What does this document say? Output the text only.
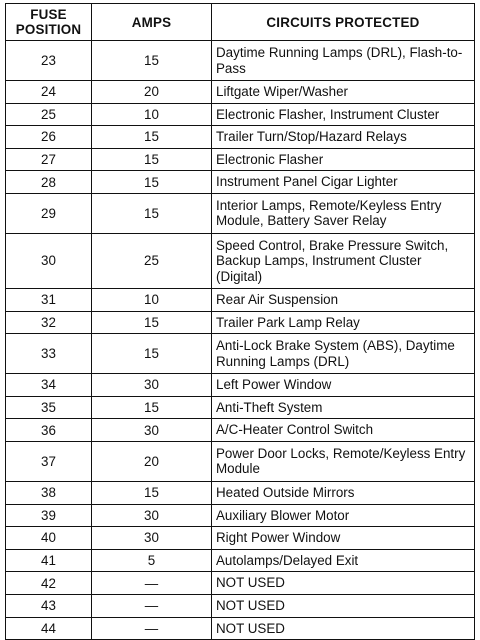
FUSE
POSITION	AMPS	CIRCUITS PROTECTED
23	15	Daytime Running Lamps (DRL), Flash-to-Pass
24	20	Liftgate Wiper/Washer
25	10	Electronic Flasher, Instrument Cluster
26	15	Trailer Turn/Stop/Hazard Relays
27	15	Electronic Flasher
28	15	Instrument Panel Cigar Lighter
29	15	Interior Lamps, Remote/Keyless Entry Module, Battery Saver Relay
30	25	Speed Control, Brake Pressure Switch, Backup Lamps, Instrument Cluster (Digital)
31	10	Rear Air Suspension
32	15	Trailer Park Lamp Relay
33	15	Anti-Lock Brake System (ABS), Daytime Running Lamps (DRL)
34	30	Left Power Window
35	15	Anti-Theft System
36	30	A/C-Heater Control Switch
37	20	Power Door Locks, Remote/Keyless Entry Module
38	15	Heated Outside Mirrors
39	30	Auxiliary Blower Motor
40	30	Right Power Window
41	5	Autolamps/Delayed Exit
42	—	NOT USED
43	—	NOT USED
44	—	NOT USED
